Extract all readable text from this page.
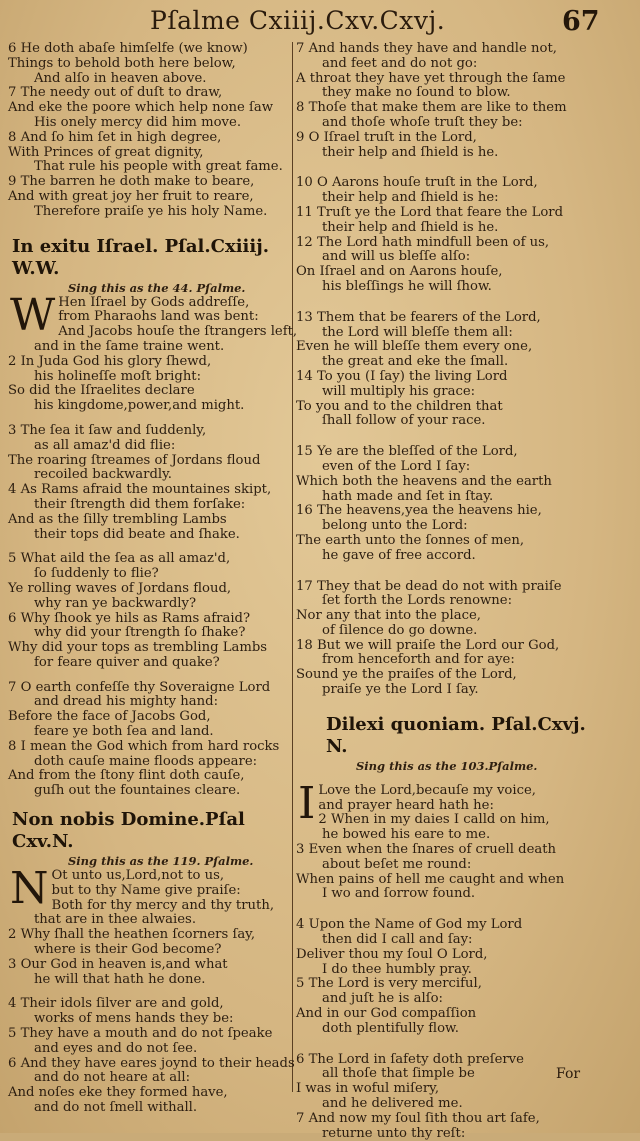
Pſalme Cxiiij.Cxv.Cxvj.	67
6 He doth abaſe himſelfe (we know)
Things to behold both here below,
And alſo in heaven above.
7 The needy out of duſt to draw,
And eke the poore which help none ſaw
His onely mercy did him move.
8 And ſo him ſet in high degree,
With Princes of great dignity,
That rule his people with great fame.
9 The barren he doth make to beare,
And with great joy her fruit to reare,
Therefore praiſe ye his holy Name.
In exitu Iſrael. Pſal.Cxiiij. W.W.
Sing this as the 44. Pſalme.
W Hen Iſrael by Gods addreſſe,
from Pharaohs land was bent:
And Jacobs houſe the ſtrangers left,
and in the ſame traine went.
2 In Juda God his glory ſhewd,
his holineſſe moſt bright:
So did the Iſraelites declare
his kingdome,power,and might.
3 The ſea it ſaw and ſuddenly,
as all amaz'd did flie:
The roaring ſtreames of Jordans floud
recoiled backwardly.
4 As Rams afraid the mountaines skipt,
their ſtrength did them forſake:
And as the ſilly trembling Lambs
their tops did beate and ſhake.
5 What aild the ſea as all amaz'd,
ſo ſuddenly to flie?
Ye rolling waves of Jordans floud,
why ran ye backwardly?
6 Why ſhook ye hils as Rams afraid?
why did your ſtrength ſo ſhake?
Why did your tops as trembling Lambs
for feare quiver and quake?
7 O earth confeſſe thy Soveraigne Lord
and dread his mighty hand:
Before the face of Jacobs God,
feare ye both ſea and land.
8 I mean the God which from hard rocks
doth cauſe maine floods appeare:
And from the ſtony flint doth cauſe,
guſh out the fountaines cleare.
Non nobis Domine.Pſal Cxv.N.
Sing this as the 119. Pſalme.
N Ot unto us,Lord,not to us,
but to thy Name give praiſe:
Both for thy mercy and thy truth,
that are in thee alwaies.
2 Why ſhall the heathen ſcorners ſay,
where is their God become?
3 Our God in heaven is,and what
he will that hath he done.
4 Their idols ſilver are and gold,
works of mens hands they be:
5 They have a mouth and do not ſpeake
and eyes and do not ſee.
6 And they have eares joynd to their heads
and do not heare at all:
And noſes eke they formed have,
and do not ſmell withall.
7 And hands they have and handle not,
and feet and do not go:
A throat they have yet through the ſame
they make no ſound to blow.
8 Thoſe that make them are like to them
and thoſe whoſe truſt they be:
9 O Iſrael truſt in the Lord,
their help and ſhield is he.
10 O Aarons houſe truſt in the Lord,
their help and ſhield is he:
11 Truſt ye the Lord that feare the Lord
their help and ſhield is he.
12 The Lord hath mindfull been of us,
and will us bleſſe alſo:
On Iſrael and on Aarons houſe,
his bleſſings he will ſhow.
13 Them that be fearers of the Lord,
the Lord will bleſſe them all:
Even he will bleſſe them every one,
the great and eke the ſmall.
14 To you (I ſay) the living Lord
will multiply his grace:
To you and to the children that
ſhall follow of your race.
15 Ye are the bleſſed of the Lord,
even of the Lord I ſay:
Which both the heavens and the earth
hath made and ſet in ſtay.
16 The heavens,yea the heavens hie,
belong unto the Lord:
The earth unto the ſonnes of men,
he gave of free accord.
17 They that be dead do not with praiſe
ſet forth the Lords renowne:
Nor any that into the place,
of ſilence do go downe.
18 But we will praiſe the Lord our God,
from henceforth and for aye:
Sound ye the praiſes of the Lord,
praiſe ye the Lord I ſay.
Dilexi quoniam. Pſal.Cxvj. N.
Sing this as the 103.Pſalme.
I Love the Lord,becauſe my voice,
and prayer heard hath he:
2 When in my daies I calld on him,
he bowed his eare to me.
3 Even when the ſnares of cruell death
about beſet me round:
When pains of hell me caught and when
I wo and ſorrow found.
4 Upon the Name of God my Lord
then did I call and ſay:
Deliver thou my ſoul O Lord,
I do thee humbly pray.
5 The Lord is very merciful,
and juſt he is alſo:
And in our God compaſſion
doth plentifully flow.
6 The Lord in ſafety doth preſerve
all thoſe that ſimple be
I was in woful miſery,
and he delivered me.
7 And now my ſoul ſith thou art ſafe,
returne unto thy reſt:
For
